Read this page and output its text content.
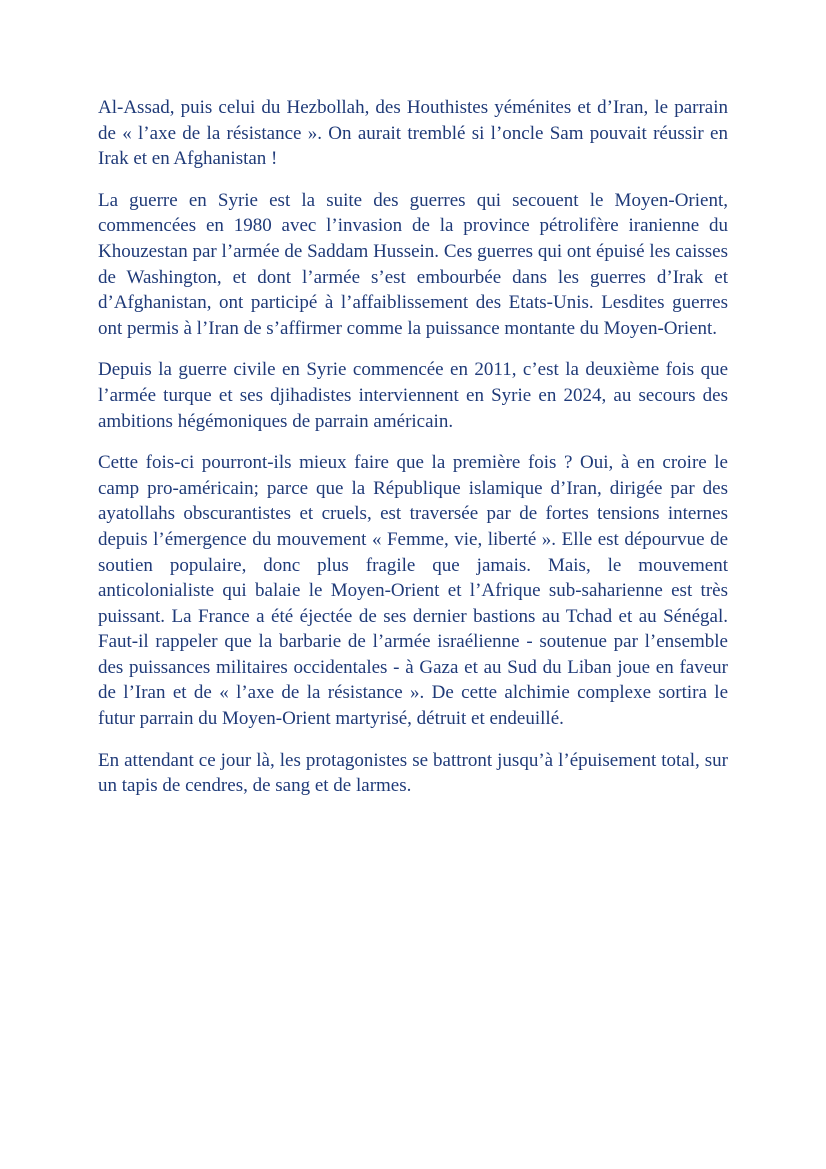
Al-Assad, puis celui du Hezbollah, des Houthistes yéménites et d’Iran, le parrain de « l’axe de la résistance ». On aurait tremblé si l’oncle Sam pouvait réussir en Irak et en Afghanistan !

La guerre en Syrie est la suite des guerres qui secouent le Moyen-Orient, commencées en 1980 avec l’invasion de la province pétrolifère iranienne du Khouzestan par l’armée de Saddam Hussein. Ces guerres qui ont épuisé les caisses de Washington, et dont l’armée s’est embourbée dans les guerres d’Irak et d’Afghanistan, ont participé à l’affaiblissement des Etats-Unis. Lesdites guerres ont permis à l’Iran de s’affirmer comme la puissance montante du Moyen-Orient.

Depuis la guerre civile en Syrie commencée en 2011, c’est la deuxième fois que l’armée turque et ses djihadistes interviennent en Syrie en 2024, au secours des ambitions hégémoniques de parrain américain.

Cette fois-ci pourront-ils mieux faire que la première fois ? Oui, à en croire le camp pro-américain; parce que la République islamique d’Iran, dirigée par des ayatollahs obscurantistes et cruels, est traversée par de fortes tensions internes depuis l’émergence du mouvement « Femme, vie, liberté ». Elle est dépourvue de soutien populaire, donc plus fragile que jamais. Mais, le mouvement anticolonialiste qui balaie le Moyen-Orient et l’Afrique sub-saharienne est très puissant. La France a été éjectée de ses dernier bastions au Tchad et au Sénégal. Faut-il rappeler que la barbarie de l’armée israélienne - soutenue par l’ensemble des puissances militaires occidentales - à Gaza et au Sud du Liban joue en faveur de l’Iran et de « l’axe de la résistance ». De cette alchimie complexe sortira le futur parrain du Moyen-Orient martyrisé, détruit et endeuillé.

En attendant ce jour là, les protagonistes se battront jusqu’à l’épuisement total, sur un tapis de cendres, de sang et de larmes.
